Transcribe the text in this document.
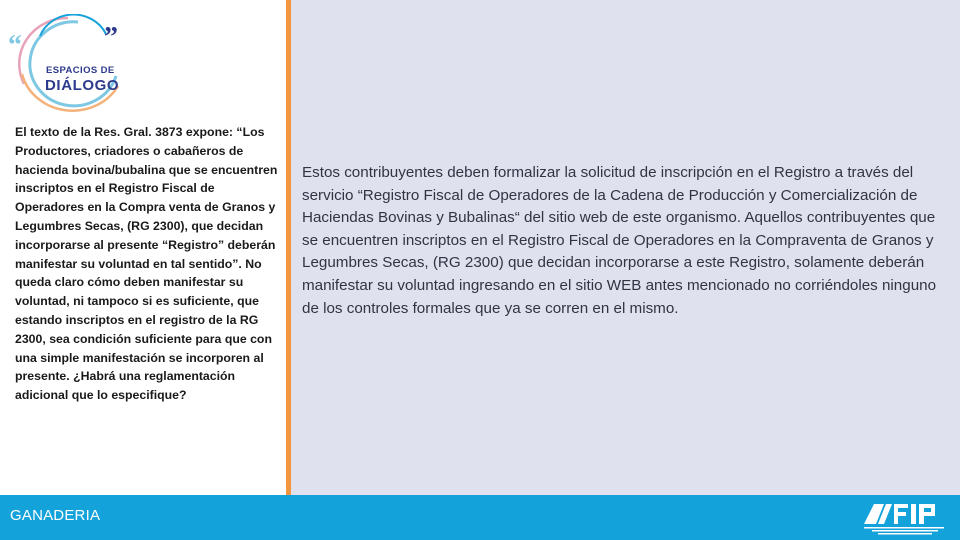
“	”
ESPACIOS DE
DIÁLOGO

El texto de la Res. Gral. 3873 expone: “Los Productores, criadores o cabañeros de hacienda bovina/bubalina que se encuentren inscriptos en el Registro Fiscal de Operadores en la Compra venta de Granos y Legumbres Secas, (RG 2300), que decidan incorporarse al presente “Registro” deberán manifestar su voluntad en tal sentido”. No queda claro cómo deben manifestar su voluntad, ni tampoco si es suficiente, que estando inscriptos en el registro de la RG 2300, sea condición suficiente para que con una simple manifestación se incorporen al presente. ¿Habrá una reglamentación adicional que lo especifique?

Estos contribuyentes deben formalizar la solicitud de inscripción en el Registro a través del servicio “Registro Fiscal de Operadores de la Cadena de Producción y Comercialización de Haciendas Bovinas y Bubalinas“ del sitio web de este organismo. Aquellos contribuyentes que se encuentren inscriptos en el Registro Fiscal de Operadores en la Compraventa de Granos y Legumbres Secas, (RG 2300) que decidan incorporarse a este Registro, solamente deberán manifestar su voluntad ingresando en el sitio WEB antes mencionado no corriéndoles ninguno de los controles formales que ya se corren en el mismo.

GANADERIA
